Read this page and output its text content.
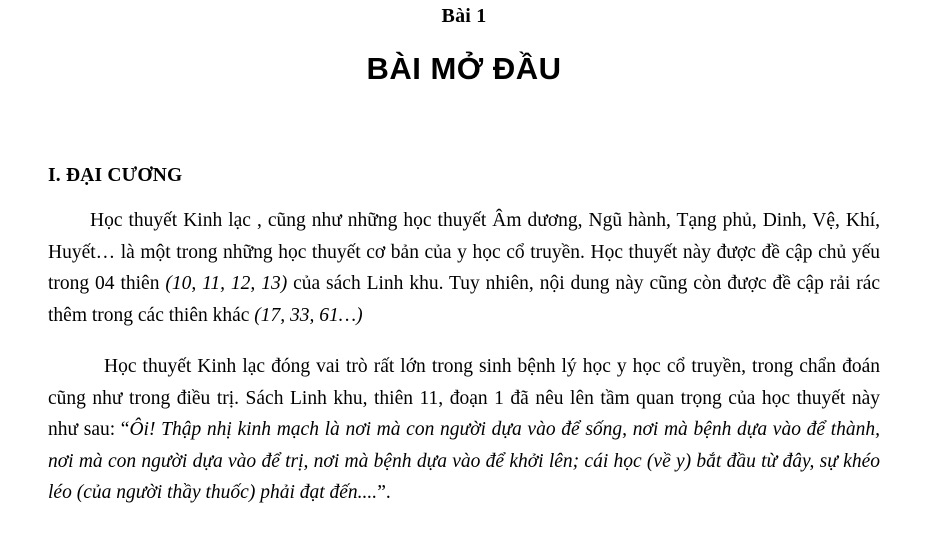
Bài 1
BÀI MỞ ĐẦU
I. ĐẠI CƯƠNG

Học thuyết Kinh lạc , cũng như những học thuyết Âm dương, Ngũ hành, Tạng phủ, Dinh, Vệ, Khí, Huyết… là một trong những học thuyết cơ bản của y học cổ truyền. Học thuyết này được đề cập chủ yếu trong 04 thiên (10, 11, 12, 13) của sách Linh khu. Tuy nhiên, nội dung này cũng còn được đề cập rải rác thêm trong các thiên khác (17, 33, 61…)

Học thuyết Kinh lạc đóng vai trò rất lớn trong sinh bệnh lý học y học cổ truyền, trong chẩn đoán cũng như trong điều trị. Sách Linh khu, thiên 11, đoạn 1 đã nêu lên tầm quan trọng của học thuyết này như sau: “Ôi! Thập nhị kinh mạch là nơi mà con người dựa vào để sống, nơi mà bệnh dựa vào để thành, nơi mà con người dựa vào để trị, nơi mà bệnh dựa vào để khởi lên; cái học (về y) bắt đầu từ đây, sự khéo léo (của người thầy thuốc) phải đạt đến....”.
